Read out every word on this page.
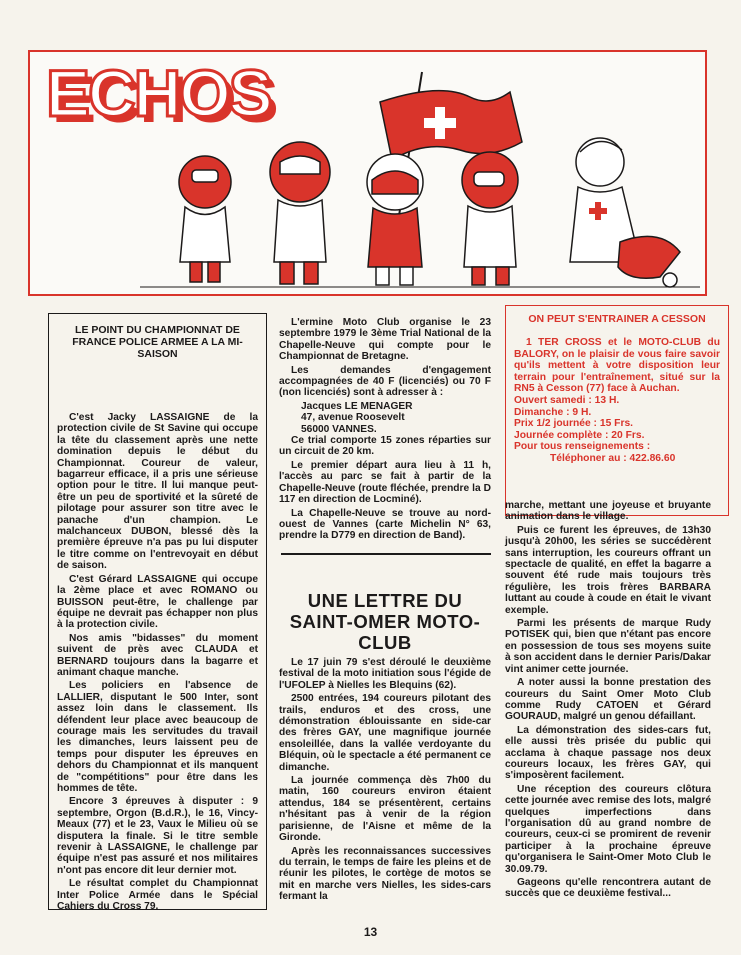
ECHOS
LE POINT DU CHAMPIONNAT DE FRANCE POLICE ARMEE A LA MI-SAISON

C'est Jacky LASSAIGNE de la protection civile de St Savine qui occupe la tête du classement après une nette domination depuis le début du Championnat. Coureur de valeur, bagarreur efficace, il a pris une sérieuse option pour le titre. Il lui manque peut-être un peu de sportivité et la sûreté de pilotage pour assurer son titre avec le panache d'un champion. Le malchanceux DUBON, blessé dès la première épreuve n'a pas pu lui disputer le titre comme on l'entrevoyait en début de saison.

C'est Gérard LASSAIGNE qui occupe la 2ème place et avec ROMANO ou BUISSON peut-être, le challenge par équipe ne devrait pas échapper non plus à la protection civile.

Nos amis "bidasses" du moment suivent de près avec CLAUDA et BERNARD toujours dans la bagarre et animant chaque manche.

Les policiers en l'absence de LALLIER, disputant le 500 Inter, sont assez loin dans le classement. Ils défendent leur place avec beaucoup de courage mais les servitudes du travail les dimanches, leurs laissent peu de temps pour disputer les épreuves en dehors du Championnat et ils manquent de "compétitions" pour être dans les hommes de tête.

Encore 3 épreuves à disputer : 9 septembre, Orgon (B.d.R.), le 16, Vincy-Meaux (77) et le 23, Vaux le Milieu où se disputera la finale. Si le titre semble revenir à LASSAIGNE, le challenge par équipe n'est pas assuré et nos militaires n'ont pas encore dit leur dernier mot.

Le résultat complet du Championnat Inter Police Armée dans le Spécial Cahiers du Cross 79.

L'ermine Moto Club organise le 23 septembre 1979 le 3ème Trial National de la Chapelle-Neuve qui compte pour le Championnat de Bretagne.

Les demandes d'engagement accompagnées de 40 F (licenciés) ou 70 F (non licenciés) sont à adresser à :

Jacques LE MENAGER
47, avenue Roosevelt
56000 VANNES.

Ce trial comporte 15 zones réparties sur un circuit de 20 km.

Le premier départ aura lieu à 11 h, l'accès au parc se fait à partir de la Chapelle-Neuve (route fléchée, prendre la D 117 en direction de Locminé).

La Chapelle-Neuve se trouve au nord-ouest de Vannes (carte Michelin N° 63, prendre la D779 en direction de Band).

UNE LETTRE DU SAINT-OMER MOTO-CLUB

Le 17 juin 79 s'est déroulé le deuxième festival de la moto initiation sous l'égide de l'UFOLEP à Nielles les Blequins (62).

2500 entrées, 194 coureurs pilotant des trails, enduros et des cross, une démonstration éblouissante en side-car des frères GAY, une magnifique journée ensoleillée, dans la vallée verdoyante du Bléquin, où le spectacle a été permanent ce dimanche.

La journée commença dès 7h00 du matin, 160 coureurs environ étaient attendus, 184 se présentèrent, certains n'hésitant pas à venir de la région parisienne, de l'Aisne et même de la Gironde.

Après les reconnaissances successives du terrain, le temps de faire les pleins et de réunir les pilotes, le cortège de motos se mit en marche vers Nielles, les sides-cars fermant la

ON PEUT S'ENTRAINER A CESSON
1 TER CROSS et le MOTO-CLUB du BALORY, on le plaisir de vous faire savoir qu'ils mettent à votre disposition leur terrain pour l'entraînement, situé sur la RN5 à Cesson (77) face à Auchan.
Ouvert samedi : 13 H.
Dimanche : 9 H.
Prix 1/2 journée : 15 Frs.
Journée complète : 20 Frs.
Pour tous renseignements :
Téléphoner au : 422.86.60

marche, mettant une joyeuse et bruyante animation dans le village.

Puis ce furent les épreuves, de 13h30 jusqu'à 20h00, les séries se succédèrent sans interruption, les coureurs offrant un spectacle de qualité, en effet la bagarre a souvent été rude mais toujours très régulière, les trois frères BARBARA luttant au coude à coude en était le vivant exemple.

Parmi les présents de marque Rudy POTISEK qui, bien que n'étant pas encore en possession de tous ses moyens suite à son accident dans le dernier Paris/Dakar vint animer cette journée.

A noter aussi la bonne prestation des coureurs du Saint Omer Moto Club comme Rudy CATOEN et Gérard GOURAUD, malgré un genou défaillant.

La démonstration des sides-cars fut, elle aussi très prisée du public qui acclama à chaque passage nos deux coureurs locaux, les frères GAY, qui s'imposèrent facilement.

Une réception des coureurs clôtura cette journée avec remise des lots, malgré quelques imperfections dans l'organisation dû au grand nombre de coureurs, ceux-ci se promirent de revenir participer à la prochaine épreuve qu'organisera le Saint-Omer Moto Club le 30.09.79.

Gageons qu'elle rencontrera autant de succès que ce deuxième festival...

13
